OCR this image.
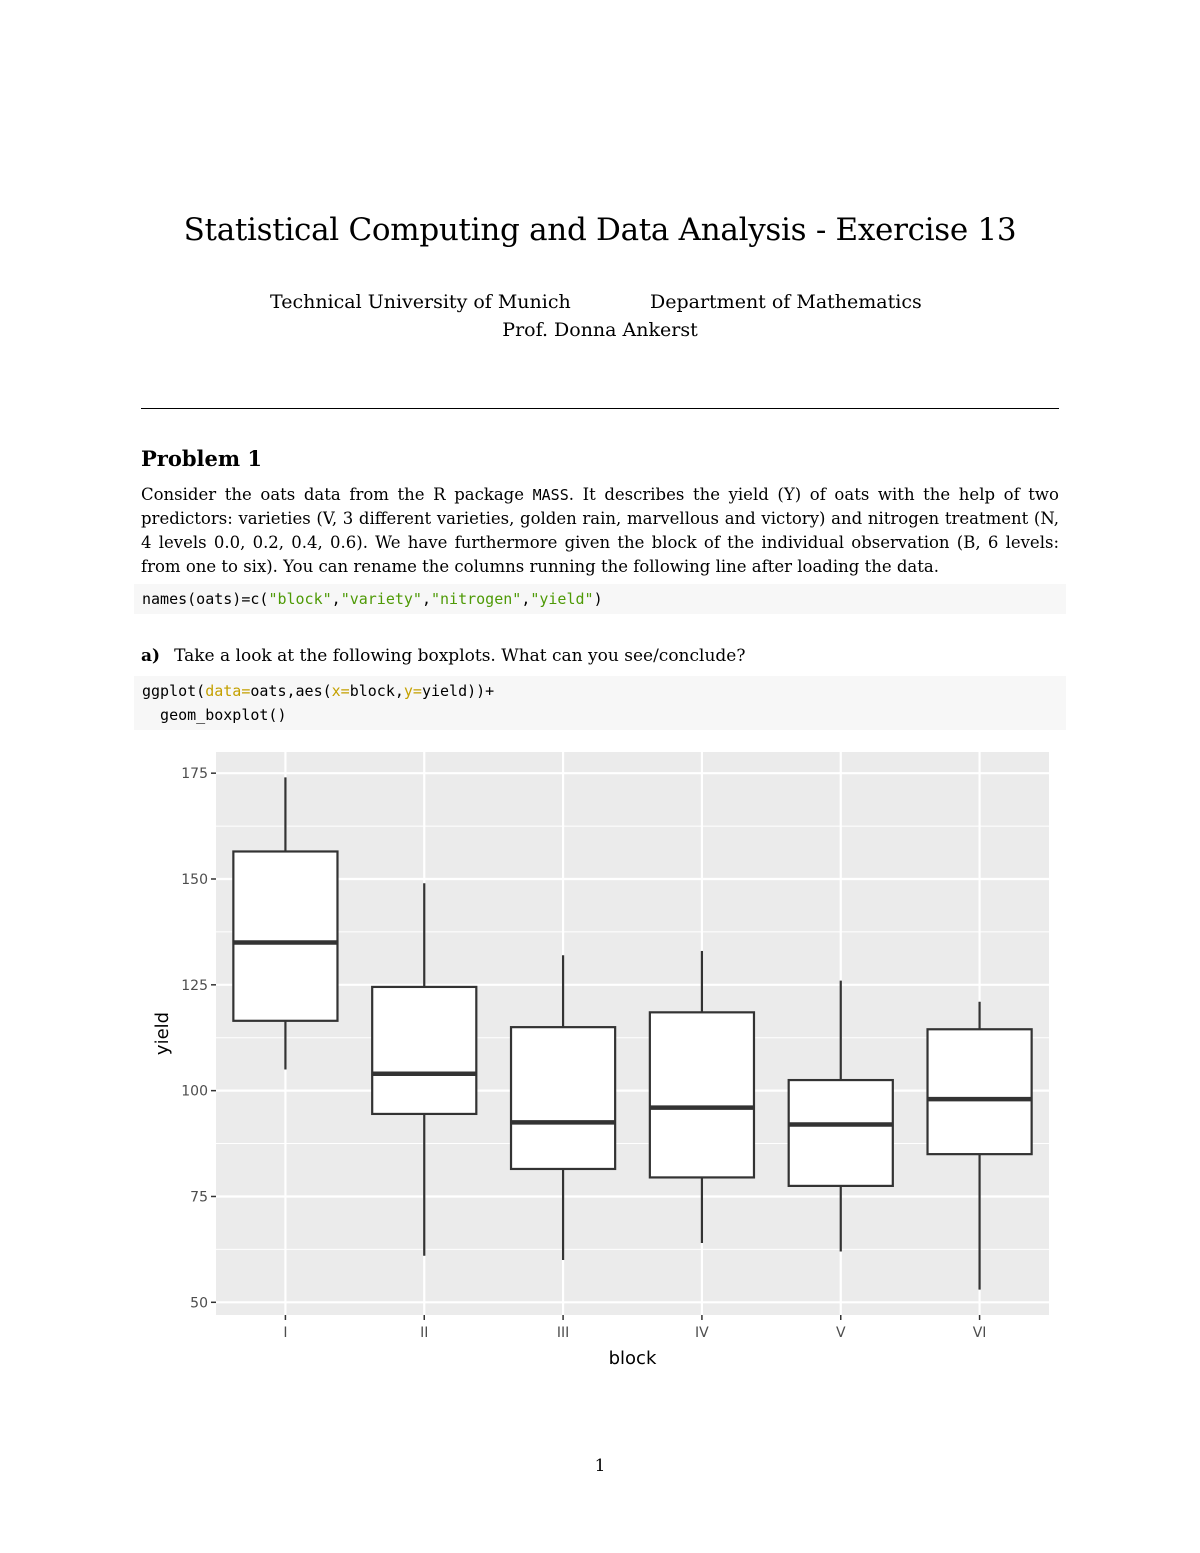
Statistical Computing and Data Analysis - Exercise 13
Technical University of Munich	Department of Mathematics
Prof. Donna Ankerst
Problem 1

Consider the oats data from the R package MASS. It describes the yield (Y) of oats with the help of two predictors: varieties (V, 3 different varieties, golden rain, marvellous and victory) and nitrogen treatment (N, 4 levels 0.0, 0.2, 0.4, 0.6). We have furthermore given the block of the individual observation (B, 6 levels: from one to six). You can rename the columns running the following line after loading the data.

names(oats)=c("block","variety","nitrogen","yield")
a) Take a look at the following boxplots. What can you see/conclude?
ggplot(data=oats,aes(x=block,y=yield))+
geom_boxplot()
50
75
100
125
150
175
I	II	III	IV	V	VI
block
yield
1
